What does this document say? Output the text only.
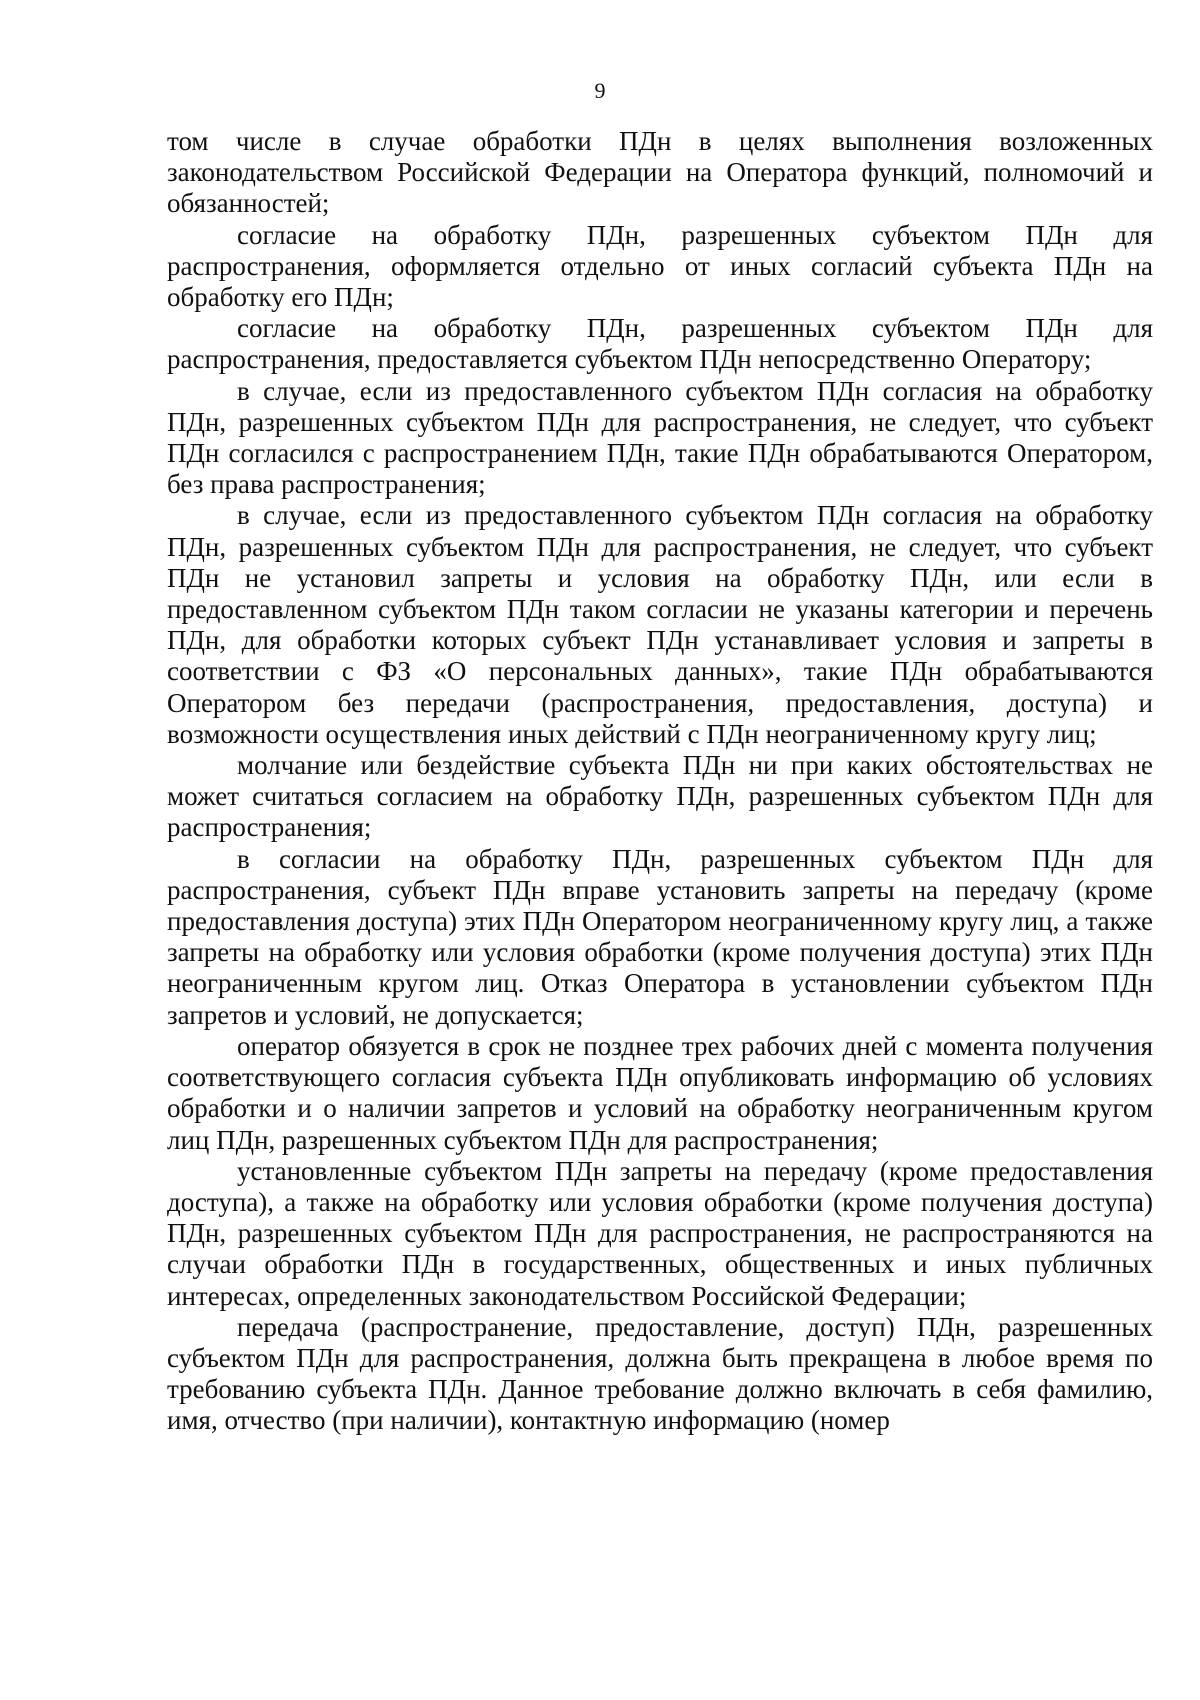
9

том числе в случае обработки ПДн в целях выполнения возложенных законодательством Российской Федерации на Оператора функций, полномочий и обязанностей;

согласие на обработку ПДн, разрешенных субъектом ПДн для распространения, оформляется отдельно от иных согласий субъекта ПДн на обработку его ПДн;

согласие на обработку ПДн, разрешенных субъектом ПДн для распространения, предоставляется субъектом ПДн непосредственно Оператору;

в случае, если из предоставленного субъектом ПДн согласия на обработку ПДн, разрешенных субъектом ПДн для распространения, не следует, что субъект ПДн согласился с распространением ПДн, такие ПДн обрабатываются Оператором, без права распространения;

в случае, если из предоставленного субъектом ПДн согласия на обработку ПДн, разрешенных субъектом ПДн для распространения, не следует, что субъект ПДн не установил запреты и условия на обработку ПДн, или если в предоставленном субъектом ПДн таком согласии не указаны категории и перечень ПДн, для обработки которых субъект ПДн устанавливает условия и запреты в соответствии с ФЗ «О персональных данных», такие ПДн обрабатываются Оператором без передачи (распространения, предоставления, доступа) и возможности осуществления иных действий с ПДн неограниченному кругу лиц;

молчание или бездействие субъекта ПДн ни при каких обстоятельствах не может считаться согласием на обработку ПДн, разрешенных субъектом ПДн для распространения;

в согласии на обработку ПДн, разрешенных субъектом ПДн для распространения, субъект ПДн вправе установить запреты на передачу (кроме предоставления доступа) этих ПДн Оператором неограниченному кругу лиц, а также запреты на обработку или условия обработки (кроме получения доступа) этих ПДн неограниченным кругом лиц. Отказ Оператора в установлении субъектом ПДн запретов и условий, не допускается;

оператор обязуется в срок не позднее трех рабочих дней с момента получения соответствующего согласия субъекта ПДн опубликовать информацию об условиях обработки и о наличии запретов и условий на обработку неограниченным кругом лиц ПДн, разрешенных субъектом ПДн для распространения;

установленные субъектом ПДн запреты на передачу (кроме предоставления доступа), а также на обработку или условия обработки (кроме получения доступа) ПДн, разрешенных субъектом ПДн для распространения, не распространяются на случаи обработки ПДн в государственных, общественных и иных публичных интересах, определенных законодательством Российской Федерации;

передача (распространение, предоставление, доступ) ПДн, разрешенных субъектом ПДн для распространения, должна быть прекращена в любое время по требованию субъекта ПДн. Данное требование должно включать в себя фамилию, имя, отчество (при наличии), контактную информацию (номер
